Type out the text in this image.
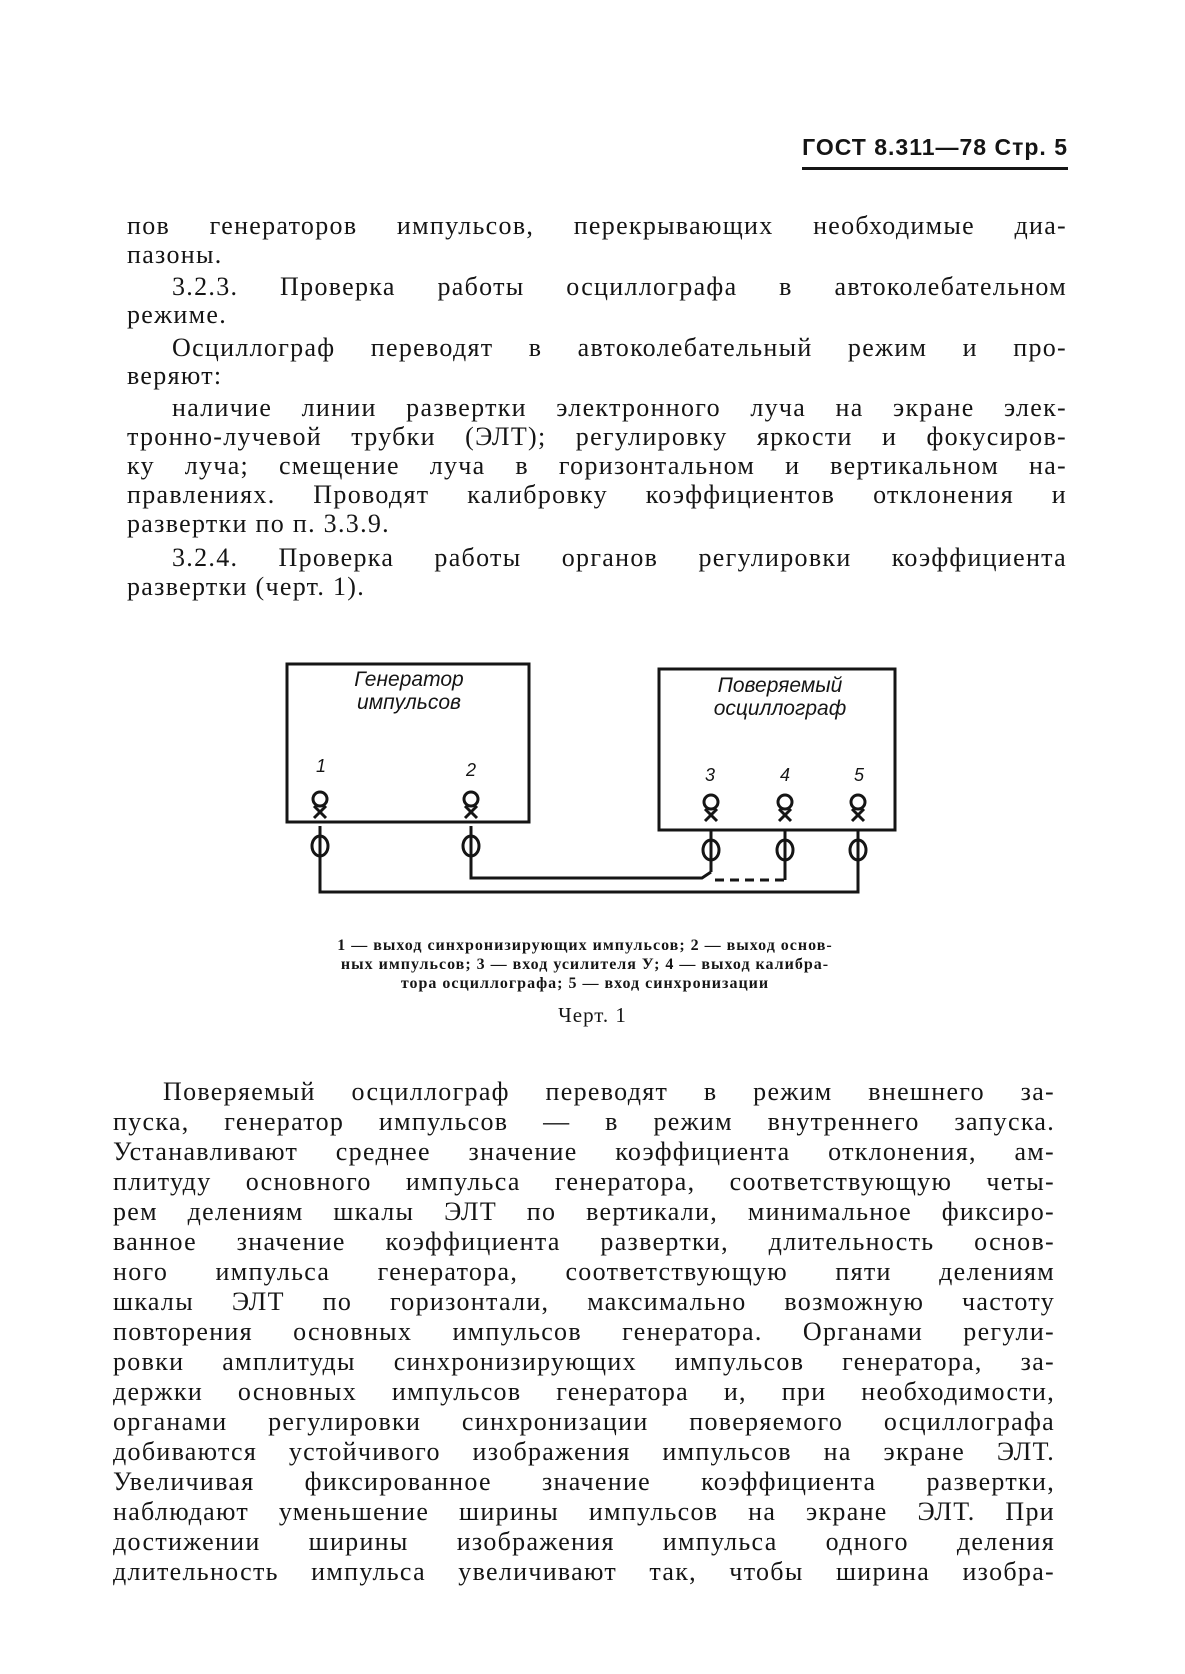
ГОСТ 8.311—78 Стр. 5

пов генераторов импульсов, перекрывающих необходимые диа-

пазоны.

3.2.3. Проверка работы осциллографа в автоколебательном

режиме.

Осциллограф переводят в автоколебательный режим и про-

веряют:

наличие линии развертки электронного луча на экране элек-

тронно-лучевой трубки (ЭЛТ); регулировку яркости и фокусиров-

ку луча; смещение луча в горизонтальном и вертикальном на-

правлениях. Проводят калибровку коэффициентов отклонения и

развертки по п. 3.3.9.

3.2.4. Проверка работы органов регулировки коэффициента

развертки (черт. 1).

Генератор
импульсов
Поверяемый
осциллограф
1	2	3	4	5
1 — выход синхронизирующих импульсов; 2 — выход основ-
ных импульсов; 3 — вход усилителя У; 4 — выход калибра-
тора осциллографа; 5 — вход синхронизации
Черт. 1

Поверяемый осциллограф переводят в режим внешнего за-

пуска, генератор импульсов — в режим внутреннего запуска.

Устанавливают среднее значение коэффициента отклонения, ам-

плитуду основного импульса генератора, соответствующую четы-

рем делениям шкалы ЭЛТ по вертикали, минимальное фиксиро-

ванное значение коэффициента развертки, длительность основ-

ного импульса генератора, соответствующую пяти делениям

шкалы ЭЛТ по горизонтали, максимально возможную частоту

повторения основных импульсов генератора. Органами регули-

ровки амплитуды синхронизирующих импульсов генератора, за-

держки основных импульсов генератора и, при необходимости,

органами регулировки синхронизации поверяемого осциллографа

добиваются устойчивого изображения импульсов на экране ЭЛТ.

Увеличивая фиксированное значение коэффициента развертки,

наблюдают уменьшение ширины импульсов на экране ЭЛТ. При

достижении ширины изображения импульса одного деления

длительность импульса увеличивают так, чтобы ширина изобра-
